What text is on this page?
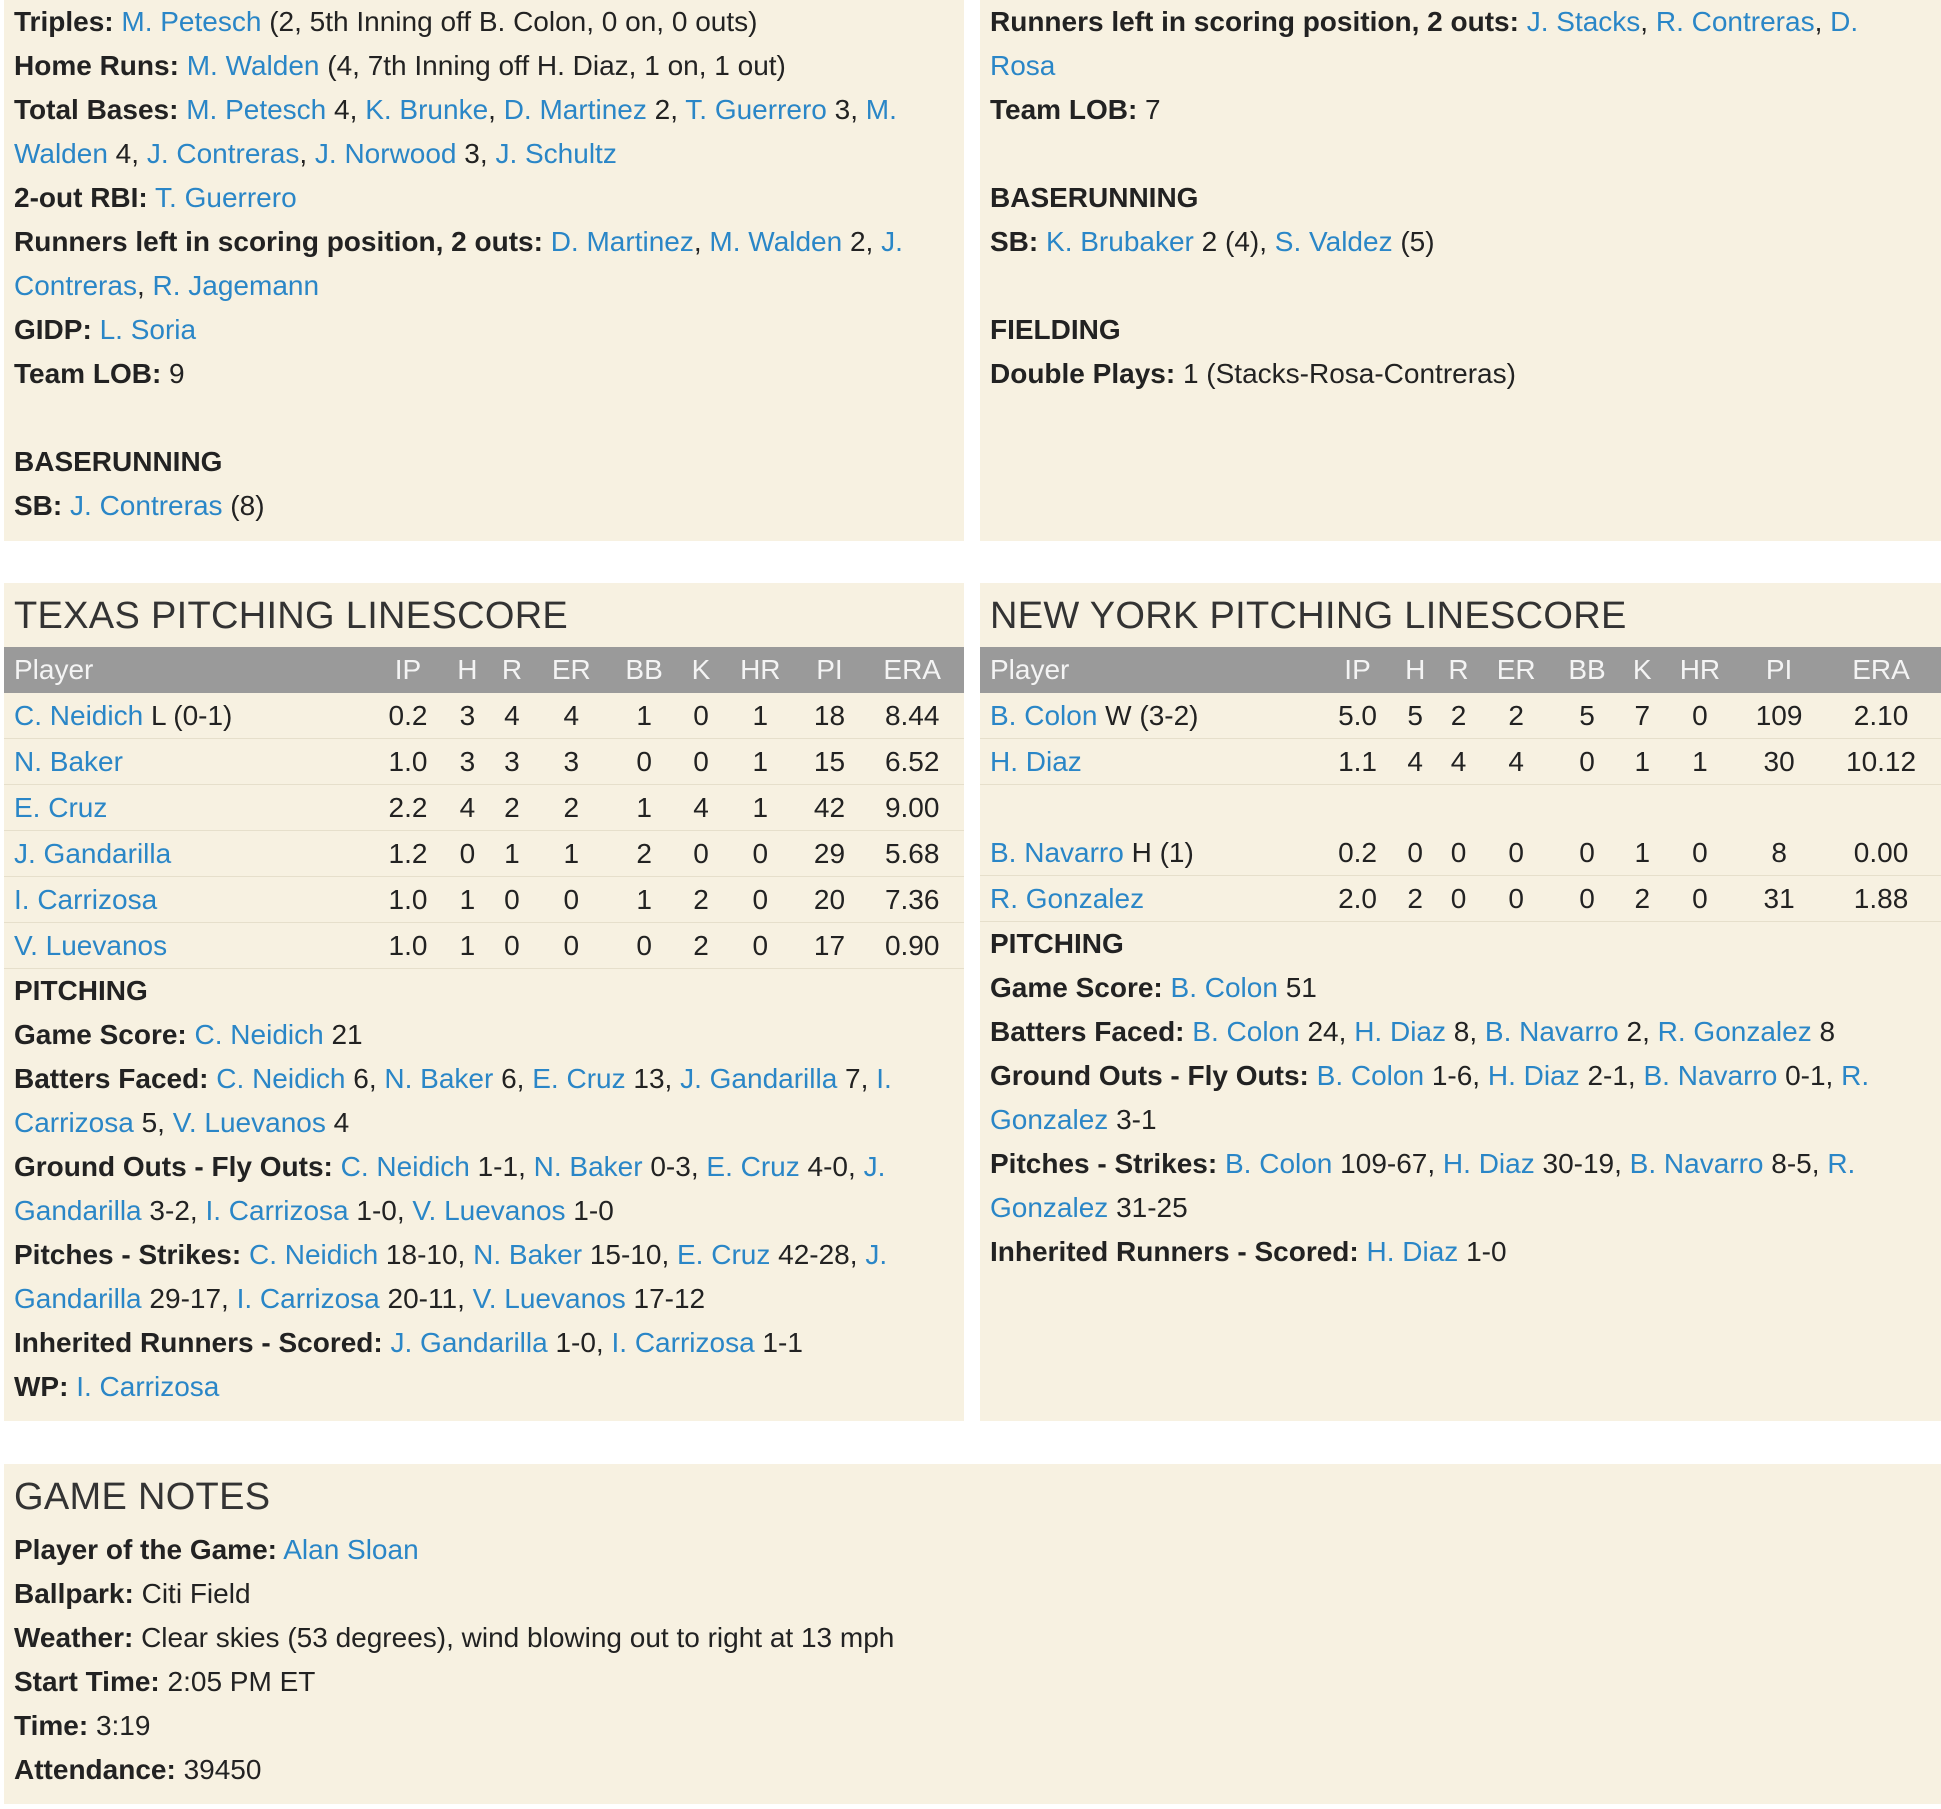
Triples: M. Petesch (2, 5th Inning off B. Colon, 0 on, 0 outs)

Home Runs: M. Walden (4, 7th Inning off H. Diaz, 1 on, 1 out)

Total Bases: M. Petesch 4, K. Brunke, D. Martinez 2, T. Guerrero 3, M. Walden 4, J. Contreras, J. Norwood 3, J. Schultz

2-out RBI: T. Guerrero

Runners left in scoring position, 2 outs: D. Martinez, M. Walden 2, J. Contreras, R. Jagemann

GIDP: L. Soria

Team LOB: 9

BASERUNNING

SB: J. Contreras (8)

Runners left in scoring position, 2 outs: J. Stacks, R. Contreras, D. Rosa

Team LOB: 7

BASERUNNING

SB: K. Brubaker 2 (4), S. Valdez (5)

FIELDING

Double Plays: 1 (Stacks-Rosa-Contreras)

TEXAS PITCHING LINESCORE
Player	IP	H	R	ER	BB	K	HR	PI	ERA
C. Neidich L (0-1)	0.2	3	4	4	1	0	1	18	8.44
N. Baker	1.0	3	3	3	0	0	1	15	6.52
E. Cruz	2.2	4	2	2	1	4	1	42	9.00
J. Gandarilla	1.2	0	1	1	2	0	0	29	5.68
I. Carrizosa	1.0	1	0	0	1	2	0	20	7.36
V. Luevanos	1.0	1	0	0	0	2	0	17	0.90

PITCHING

Game Score: C. Neidich 21

Batters Faced: C. Neidich 6, N. Baker 6, E. Cruz 13, J. Gandarilla 7, I. Carrizosa 5, V. Luevanos 4

Ground Outs - Fly Outs: C. Neidich 1-1, N. Baker 0-3, E. Cruz 4-0, J. Gandarilla 3-2, I. Carrizosa 1-0, V. Luevanos 1-0

Pitches - Strikes: C. Neidich 18-10, N. Baker 15-10, E. Cruz 42-28, J. Gandarilla 29-17, I. Carrizosa 20-11, V. Luevanos 17-12

Inherited Runners - Scored: J. Gandarilla 1-0, I. Carrizosa 1-1

WP: I. Carrizosa

NEW YORK PITCHING LINESCORE
Player	IP	H	R	ER	BB	K	HR	PI	ERA
B. Colon W (3-2)	5.0	5	2	2	5	7	0	109	2.10
H. Diaz	1.1	4	4	4	0	1	1	30	10.12

B. Navarro H (1)	0.2	0	0	0	0	1	0	8	0.00
R. Gonzalez	2.0	2	0	0	0	2	0	31	1.88

PITCHING

Game Score: B. Colon 51

Batters Faced: B. Colon 24, H. Diaz 8, B. Navarro 2, R. Gonzalez 8

Ground Outs - Fly Outs: B. Colon 1-6, H. Diaz 2-1, B. Navarro 0-1, R. Gonzalez 3-1

Pitches - Strikes: B. Colon 109-67, H. Diaz 30-19, B. Navarro 8-5, R. Gonzalez 31-25

Inherited Runners - Scored: H. Diaz 1-0

GAME NOTES

Player of the Game: Alan Sloan

Ballpark: Citi Field

Weather: Clear skies (53 degrees), wind blowing out to right at 13 mph

Start Time: 2:05 PM ET

Time: 3:19

Attendance: 39450
